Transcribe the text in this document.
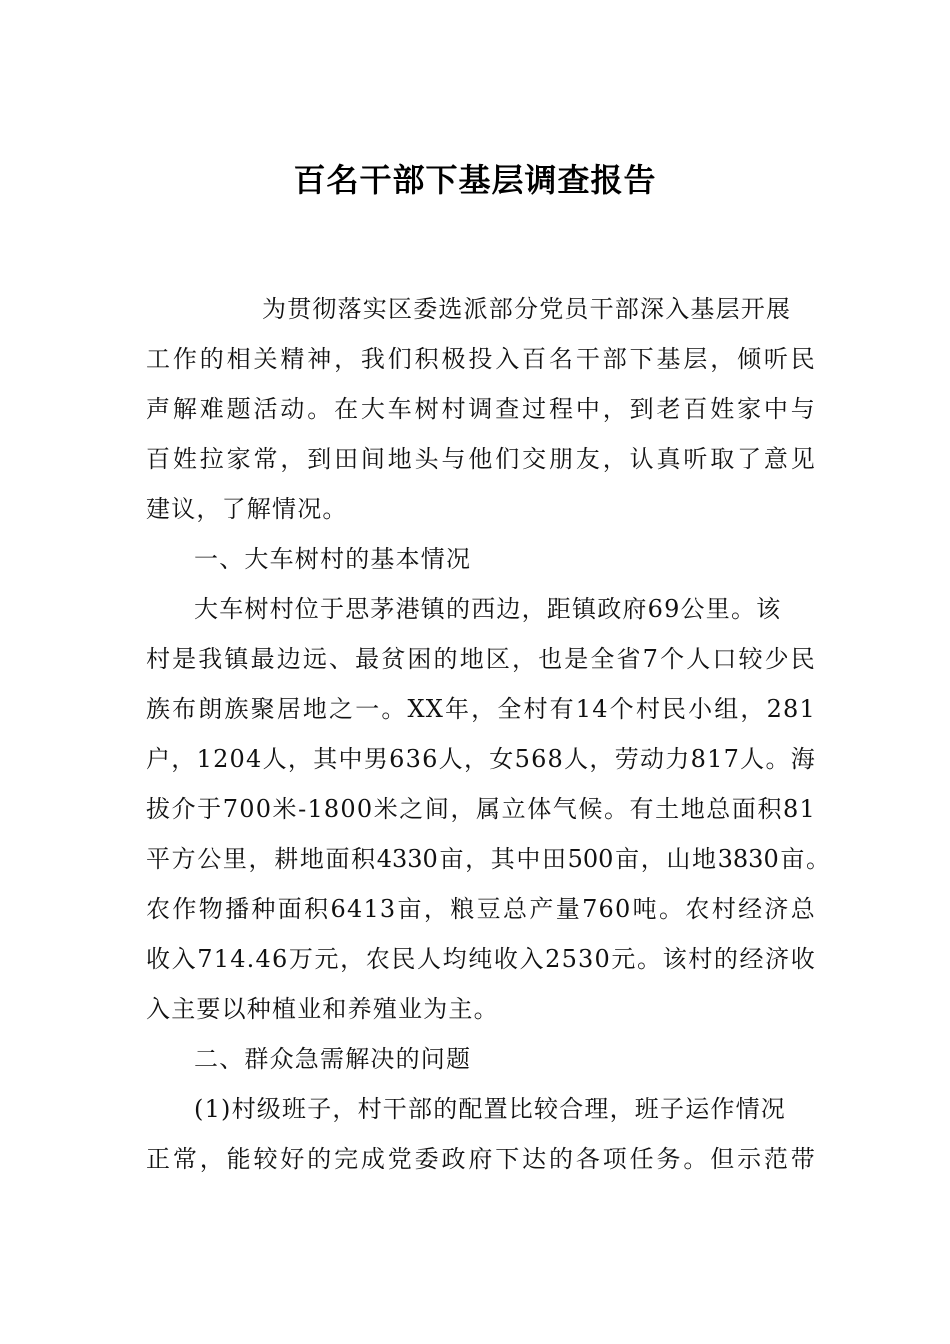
百名干部下基层调查报告
为贯彻落实区委选派部分党员干部深入基层开展
工作的相关精神，我们积极投入百名干部下基层，倾听民
声解难题活动。在大车树村调查过程中，到老百姓家中与
百姓拉家常，到田间地头与他们交朋友，认真听取了意见
建议，了解情况。
一、大车树村的基本情况
大车树村位于思茅港镇的西边，距镇政府69公里。该
村是我镇最边远、最贫困的地区，也是全省7个人口较少民
族布朗族聚居地之一。XX年，全村有14个村民小组，281
户，1204人，其中男636人，女568人，劳动力817人。海
拔介于700米-1800米之间，属立体气候。有土地总面积81
平方公里，耕地面积4330亩，其中田500亩，山地3830亩。
农作物播种面积6413亩，粮豆总产量760吨。农村经济总
收入714.46万元，农民人均纯收入2530元。该村的经济收
入主要以种植业和养殖业为主。
二、群众急需解决的问题
(1)村级班子，村干部的配置比较合理，班子运作情况
正常，能较好的完成党委政府下达的各项任务。但示范带
